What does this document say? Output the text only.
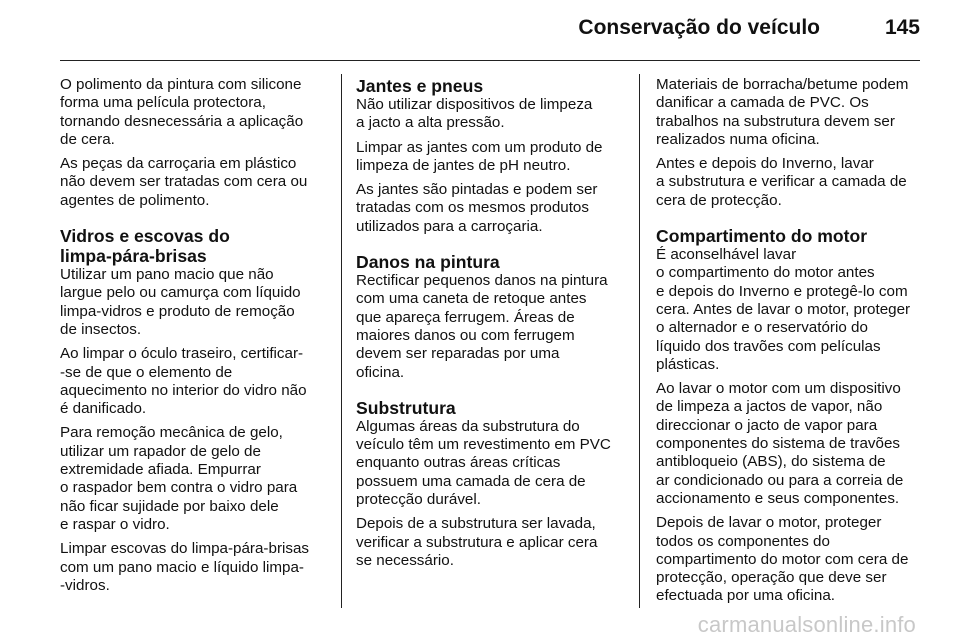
Conservação do veículo	145

O polimento da pintura com silicone
forma uma película protectora,
tornando desnecessária a aplicação
de cera.

As peças da carroçaria em plástico
não devem ser tratadas com cera ou
agentes de polimento.

Vidros e escovas do
limpa-pára-brisas

Utilizar um pano macio que não
largue pelo ou camurça com líquido
limpa-vidros e produto de remoção
de insectos.

Ao limpar o óculo traseiro, certificar-
-se de que o elemento de
aquecimento no interior do vidro não
é danificado.

Para remoção mecânica de gelo,
utilizar um rapador de gelo de
extremidade afiada. Empurrar
o raspador bem contra o vidro para
não ficar sujidade por baixo dele
e raspar o vidro.

Limpar escovas do limpa-pára-brisas
com um pano macio e líquido limpa-
-vidros.

Jantes e pneus

Não utilizar dispositivos de limpeza
a jacto a alta pressão.

Limpar as jantes com um produto de
limpeza de jantes de pH neutro.

As jantes são pintadas e podem ser
tratadas com os mesmos produtos
utilizados para a carroçaria.

Danos na pintura

Rectificar pequenos danos na pintura
com uma caneta de retoque antes
que apareça ferrugem. Áreas de
maiores danos ou com ferrugem
devem ser reparadas por uma
oficina.

Substrutura

Algumas áreas da substrutura do
veículo têm um revestimento em PVC
enquanto outras áreas críticas
possuem uma camada de cera de
protecção durável.

Depois de a substrutura ser lavada,
verificar a substrutura e aplicar cera
se necessário.

Materiais de borracha/betume podem
danificar a camada de PVC. Os
trabalhos na substrutura devem ser
realizados numa oficina.

Antes e depois do Inverno, lavar
a substrutura e verificar a camada de
cera de protecção.

Compartimento do motor

É aconselhável lavar
o compartimento do motor antes
e depois do Inverno e protegê-lo com
cera. Antes de lavar o motor, proteger
o alternador e o reservatório do
líquido dos travões com películas
plásticas.

Ao lavar o motor com um dispositivo
de limpeza a jactos de vapor, não
direccionar o jacto de vapor para
componentes do sistema de travões
antibloqueio (ABS), do sistema de
ar condicionado ou para a correia de
accionamento e seus componentes.

Depois de lavar o motor, proteger
todos os componentes do
compartimento do motor com cera de
protecção, operação que deve ser
efectuada por uma oficina.

carmanualsonline.info
